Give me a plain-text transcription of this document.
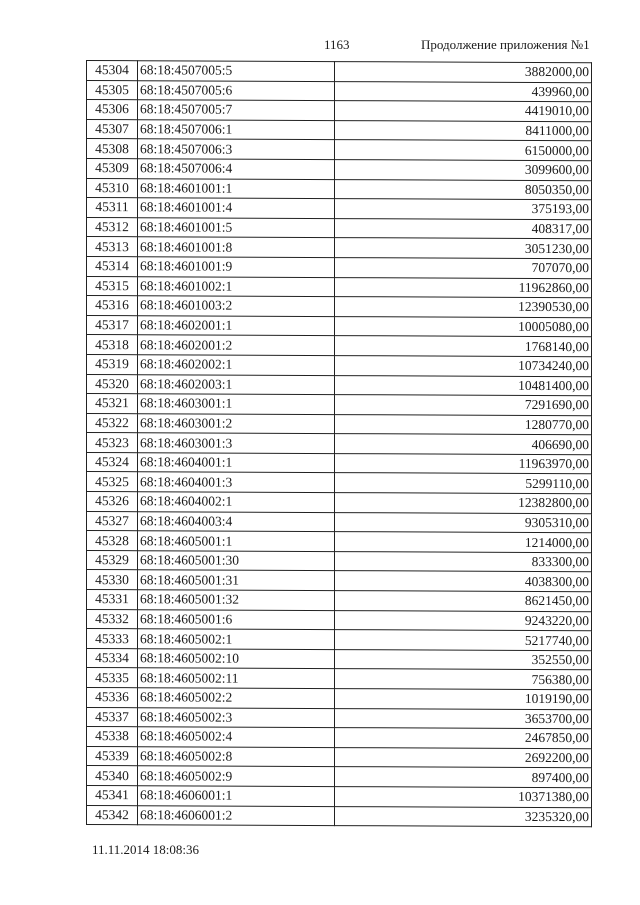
1163	Продолжение приложения №1
45304	68:18:4507005:5	3882000,00
45305	68:18:4507005:6	439960,00
45306	68:18:4507005:7	4419010,00
45307	68:18:4507006:1	8411000,00
45308	68:18:4507006:3	6150000,00
45309	68:18:4507006:4	3099600,00
45310	68:18:4601001:1	8050350,00
45311	68:18:4601001:4	375193,00
45312	68:18:4601001:5	408317,00
45313	68:18:4601001:8	3051230,00
45314	68:18:4601001:9	707070,00
45315	68:18:4601002:1	11962860,00
45316	68:18:4601003:2	12390530,00
45317	68:18:4602001:1	10005080,00
45318	68:18:4602001:2	1768140,00
45319	68:18:4602002:1	10734240,00
45320	68:18:4602003:1	10481400,00
45321	68:18:4603001:1	7291690,00
45322	68:18:4603001:2	1280770,00
45323	68:18:4603001:3	406690,00
45324	68:18:4604001:1	11963970,00
45325	68:18:4604001:3	5299110,00
45326	68:18:4604002:1	12382800,00
45327	68:18:4604003:4	9305310,00
45328	68:18:4605001:1	1214000,00
45329	68:18:4605001:30	833300,00
45330	68:18:4605001:31	4038300,00
45331	68:18:4605001:32	8621450,00
45332	68:18:4605001:6	9243220,00
45333	68:18:4605002:1	5217740,00
45334	68:18:4605002:10	352550,00
45335	68:18:4605002:11	756380,00
45336	68:18:4605002:2	1019190,00
45337	68:18:4605002:3	3653700,00
45338	68:18:4605002:4	2467850,00
45339	68:18:4605002:8	2692200,00
45340	68:18:4605002:9	897400,00
45341	68:18:4606001:1	10371380,00
45342	68:18:4606001:2	3235320,00
11.11.2014 18:08:36
